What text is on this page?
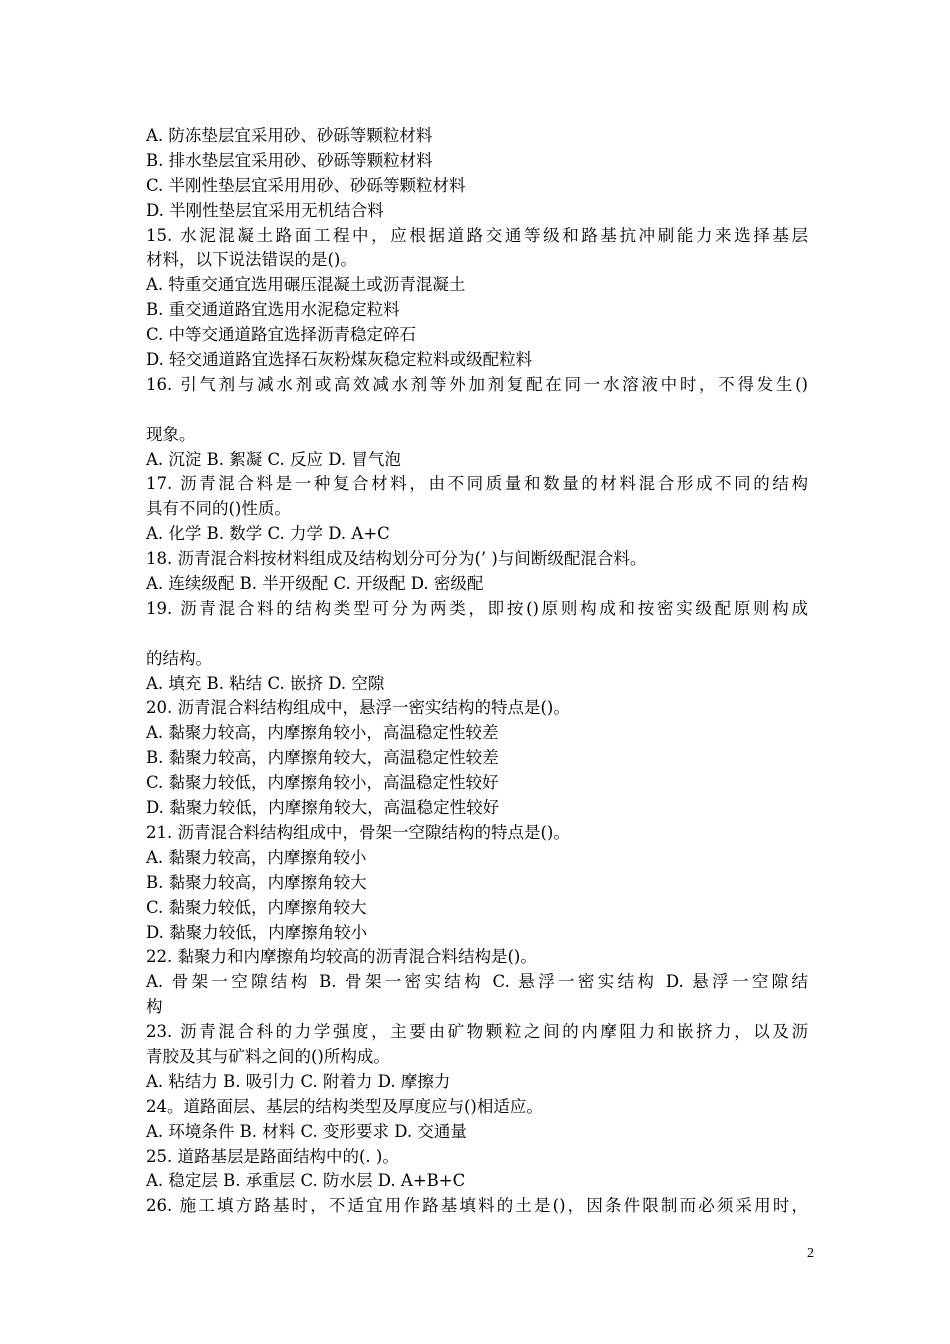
A. 防冻垫层宜采用砂、砂砾等颗粒材料
B. 排水垫层宜采用砂、砂砾等颗粒材料
C. 半刚性垫层宜采用用砂、砂砾等颗粒材料
D. 半刚性垫层宜采用无机结合料
15. 水泥混凝土路面工程中，应根据道路交通等级和路基抗冲刷能力来选择基层
材料，以下说法错误的是()。
A. 特重交通宜选用碾压混凝土或沥青混凝土
B. 重交通道路宜选用水泥稳定粒料
C. 中等交通道路宜选择沥青稳定碎石
D. 轻交通道路宜选择石灰粉煤灰稳定粒料或级配粒料
16. 引气剂与减水剂或高效减水剂等外加剂复配在同一水溶液中时，不得发生()
现象。
A. 沉淀 B. 絮凝 C. 反应 D. 冒气泡
17. 沥青混合料是一种复合材料，由不同质量和数量的材料混合形成不同的结构
具有不同的()性质。
A. 化学 B. 数学 C. 力学 D. A+C
18. 沥青混合料按材料组成及结构划分可分为(’ )与间断级配混合料。
A. 连续级配 B. 半开级配 C. 开级配 D. 密级配
19. 沥青混合料的结构类型可分为两类，即按()原则构成和按密实级配原则构成
的结构。
A. 填充 B. 粘结 C. 嵌挤 D. 空隙
20. 沥青混合料结构组成中，悬浮一密实结构的特点是()。
A. 黏聚力较高，内摩擦角较小，高温稳定性较差
B. 黏聚力较高，内摩擦角较大，高温稳定性较差
C. 黏聚力较低，内摩擦角较小，高温稳定性较好
D. 黏聚力较低，内摩擦角较大，高温稳定性较好
21. 沥青混合料结构组成中，骨架一空隙结构的特点是()。
A. 黏聚力较高，内摩擦角较小
B. 黏聚力较高，内摩擦角较大
C. 黏聚力较低，内摩擦角较大
D. 黏聚力较低，内摩擦角较小
22. 黏聚力和内摩擦角均较高的沥青混合料结构是()。
A. 骨架一空隙结构 B. 骨架一密实结构 C. 悬浮一密实结构 D. 悬浮一空隙结
构
23. 沥青混合科的力学强度，主要由矿物颗粒之间的内摩阻力和嵌挤力，以及沥
青胶及其与矿料之间的()所构成。
A. 粘结力 B. 吸引力 C. 附着力 D. 摩擦力
24。道路面层、基层的结构类型及厚度应与()相适应。
A. 环境条件 B. 材料 C. 变形要求 D. 交通量
25. 道路基层是路面结构中的(. )。
A. 稳定层 B. 承重层 C. 防水层 D. A+B+C
26. 施工填方路基时，不适宜用作路基填料的土是()，因条件限制而必须采用时，
2
